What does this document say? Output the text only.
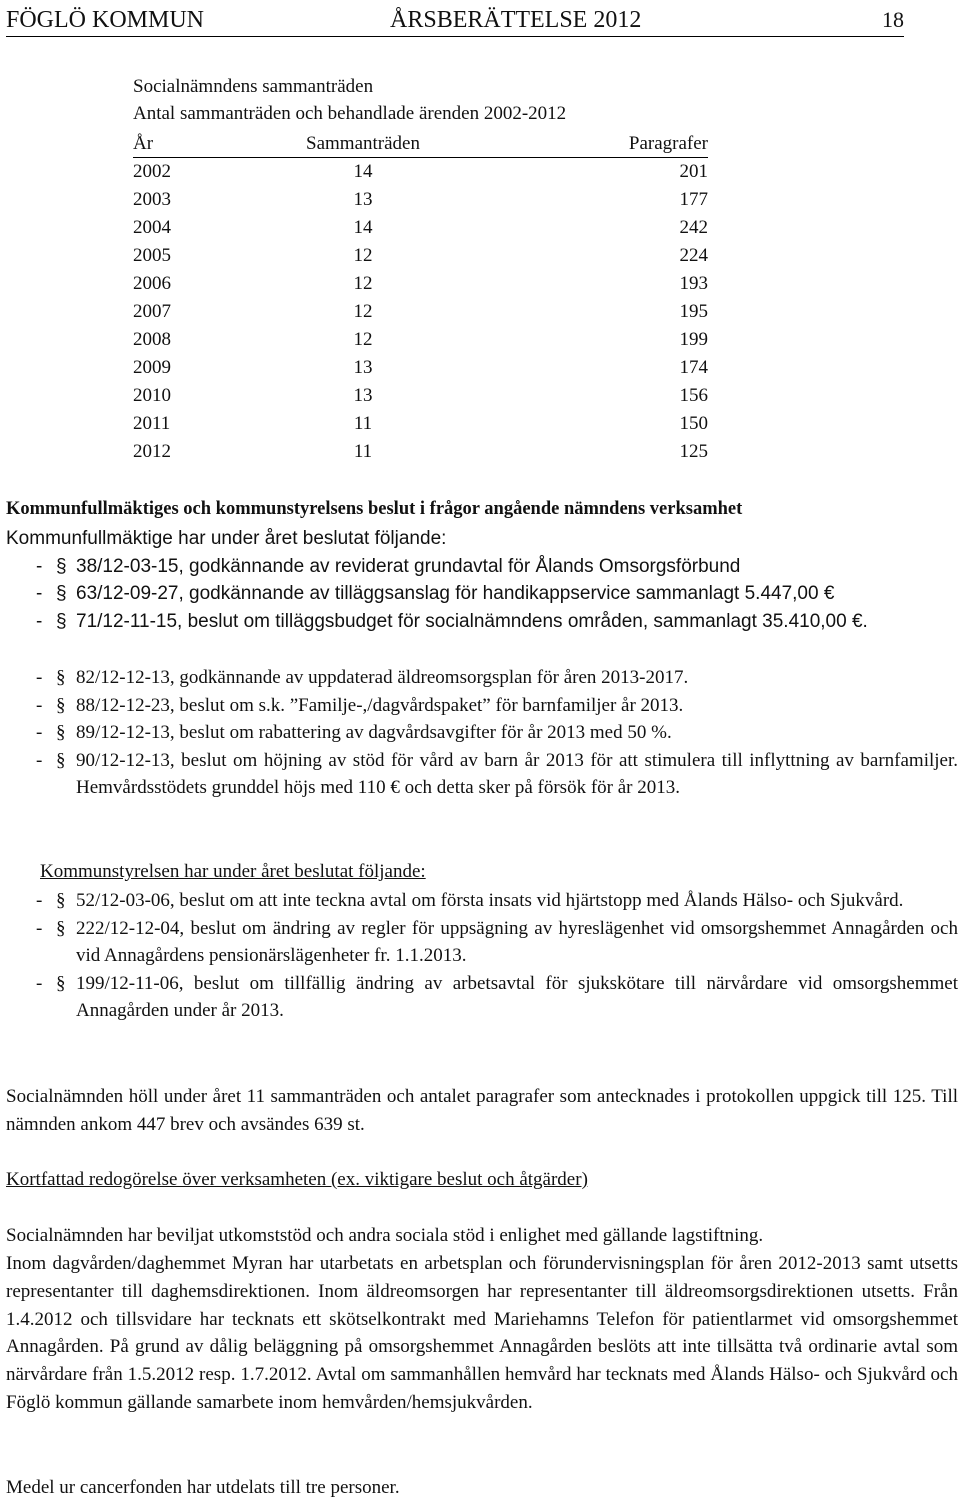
FÖGLÖ KOMMUN	ÅRSBERÄTTELSE 2012	18
Socialnämndens sammanträden
Antal sammanträden och behandlade ärenden 2002-2012
År	Sammanträden	Paragrafer
2002	14	201
2003	13	177
2004	14	242
2005	12	224
2006	12	193
2007	12	195
2008	12	199
2009	13	174
2010	13	156
2011	11	150
2012	11	125
Kommunfullmäktiges och kommunstyrelsens beslut i frågor angående nämndens verksamhet
Kommunfullmäktige har under året beslutat följande:
- § 38/12-03-15, godkännande av reviderat grundavtal för Ålands Omsorgsförbund
- § 63/12-09-27, godkännande av tilläggsanslag för handikappservice sammanlagt 5.447,00 €
- § 71/12-11-15, beslut om tilläggsbudget för socialnämndens områden, sammanlagt 35.410,00 €.
- § 82/12-12-13, godkännande av uppdaterad äldreomsorgsplan för åren 2013-2017.
- § 88/12-12-23, beslut om s.k. ”Familje-,/dagvårdspaket” för barnfamiljer år 2013.
- § 89/12-12-13, beslut om rabattering av dagvårdsavgifter för år 2013 med 50 %.
- § 90/12-12-13, beslut om höjning av stöd för vård av barn år 2013 för att stimulera till inflyttning av barnfamiljer. Hemvårdsstödets grunddel höjs med 110 € och detta sker på försök för år 2013.
Kommunstyrelsen har under året beslutat följande:
- § 52/12-03-06, beslut om att inte teckna avtal om första insats vid hjärtstopp med Ålands Hälso- och Sjukvård.
- § 222/12-12-04, beslut om ändring av regler för uppsägning av hyreslägenhet vid omsorgshemmet Annagården och vid Annagårdens pensionärslägenheter fr. 1.1.2013.
- § 199/12-11-06, beslut om tillfällig ändring av arbetsavtal för sjukskötare till närvårdare vid omsorgshemmet Annagården under år 2013.
Socialnämnden höll under året 11 sammanträden och antalet paragrafer som antecknades i protokollen uppgick till 125. Till nämnden ankom 447 brev och avsändes 639 st.
Kortfattad redogörelse över verksamheten (ex. viktigare beslut och åtgärder)
Socialnämnden har beviljat utkomststöd och andra sociala stöd i enlighet med gällande lagstiftning.
Inom dagvården/daghemmet Myran har utarbetats en arbetsplan och förundervisningsplan för åren 2012-2013 samt utsetts representanter till daghemsdirektionen. Inom äldreomsorgen har representanter till äldreomsorgsdirektionen utsetts. Från 1.4.2012 och tillsvidare har tecknats ett skötselkontrakt med Mariehamns Telefon för patientlarmet vid omsorgshemmet Annagården. På grund av dålig beläggning på omsorgshemmet Annagården beslöts att inte tillsätta två ordinarie avtal som närvårdare från 1.5.2012 resp. 1.7.2012. Avtal om sammanhållen hemvård har tecknats med Ålands Hälso- och Sjukvård och Föglö kommun gällande samarbete inom hemvården/hemsjukvården.
Medel ur cancerfonden har utdelats till tre personer.
